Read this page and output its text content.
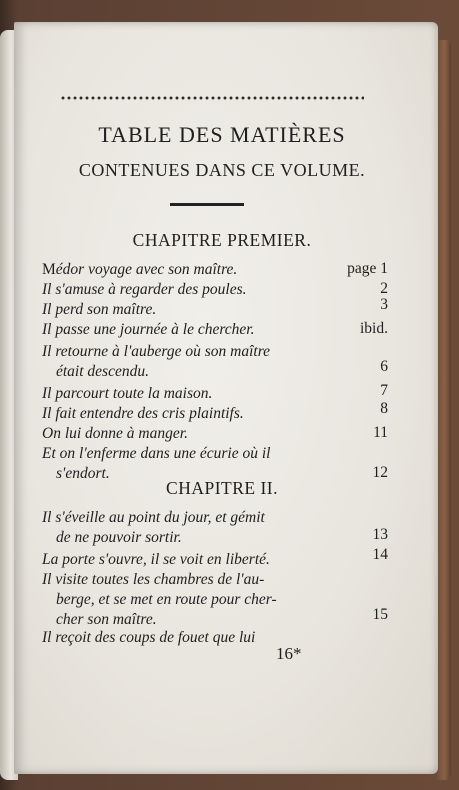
TABLE DES MATIÈRES
CONTENUES DANS CE VOLUME.
CHAPITRE PREMIER.
Médor voyage avec son maître.	page 1
Il s'amuse à regarder des poules.	2
Il perd son maître.	3
Il passe une journée à le chercher.	ibid.
Il retourne à l'auberge où son maître
était descendu.	6
Il parcourt toute la maison.	7
Il fait entendre des cris plaintifs.	8
On lui donne à manger.	11
Et on l'enferme dans une écurie où il
s'endort.	12
CHAPITRE II.
Il s'éveille au point du jour, et gémit
de ne pouvoir sortir.	13
La porte s'ouvre, il se voit en liberté.	14
Il visite toutes les chambres de l'au-
berge, et se met en route pour cher-
cher son maître.	15
Il reçoit des coups de fouet que lui
16*
